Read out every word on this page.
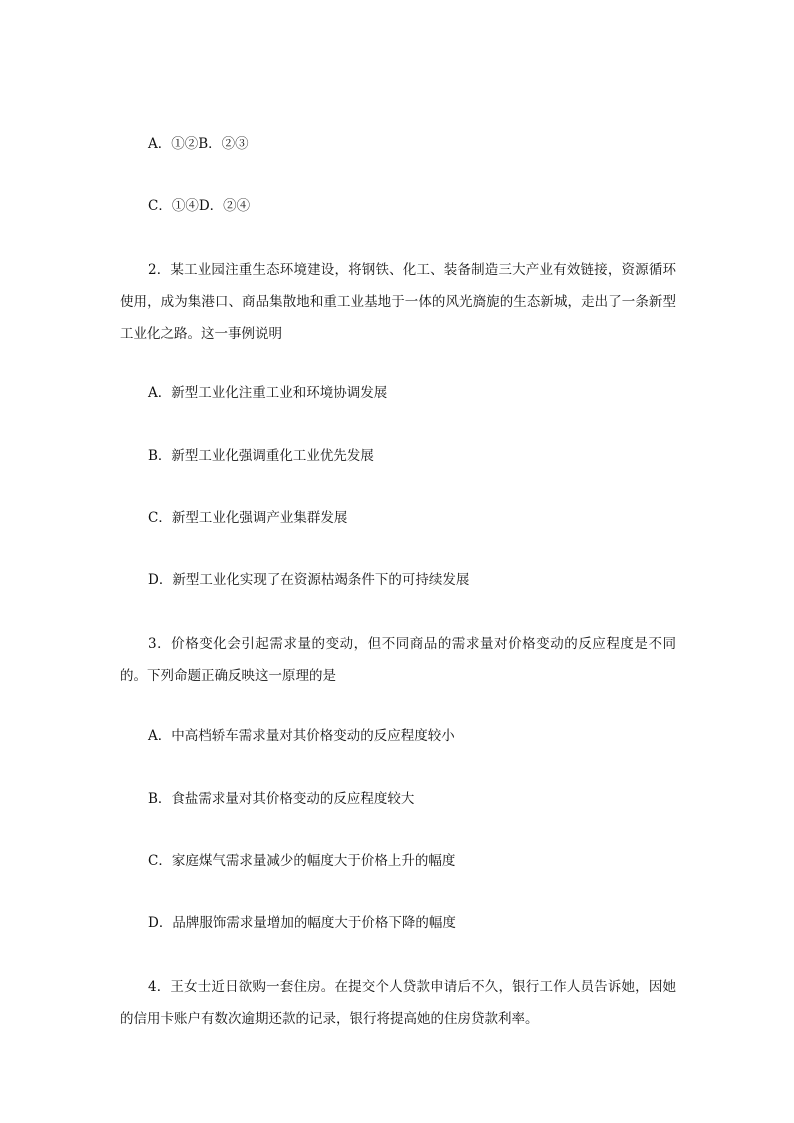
A．①②B．②③
C．①④D．②④
2．某工业园注重生态环境建设，将钢铁、化工、装备制造三大产业有效链接，资源循环使用，成为集港口、商品集散地和重工业基地于一体的风光旖旎的生态新城，走出了一条新型工业化之路。这一事例说明
A．新型工业化注重工业和环境协调发展
B．新型工业化强调重化工业优先发展
C．新型工业化强调产业集群发展
D．新型工业化实现了在资源枯竭条件下的可持续发展
3．价格变化会引起需求量的变动，但不同商品的需求量对价格变动的反应程度是不同的。下列命题正确反映这一原理的是
A．中高档轿车需求量对其价格变动的反应程度较小
B．食盐需求量对其价格变动的反应程度较大
C．家庭煤气需求量减少的幅度大于价格上升的幅度
D．品牌服饰需求量增加的幅度大于价格下降的幅度
4．王女士近日欲购一套住房。在提交个人贷款申请后不久，银行工作人员告诉她，因她的信用卡账户有数次逾期还款的记录，银行将提高她的住房贷款利率。
